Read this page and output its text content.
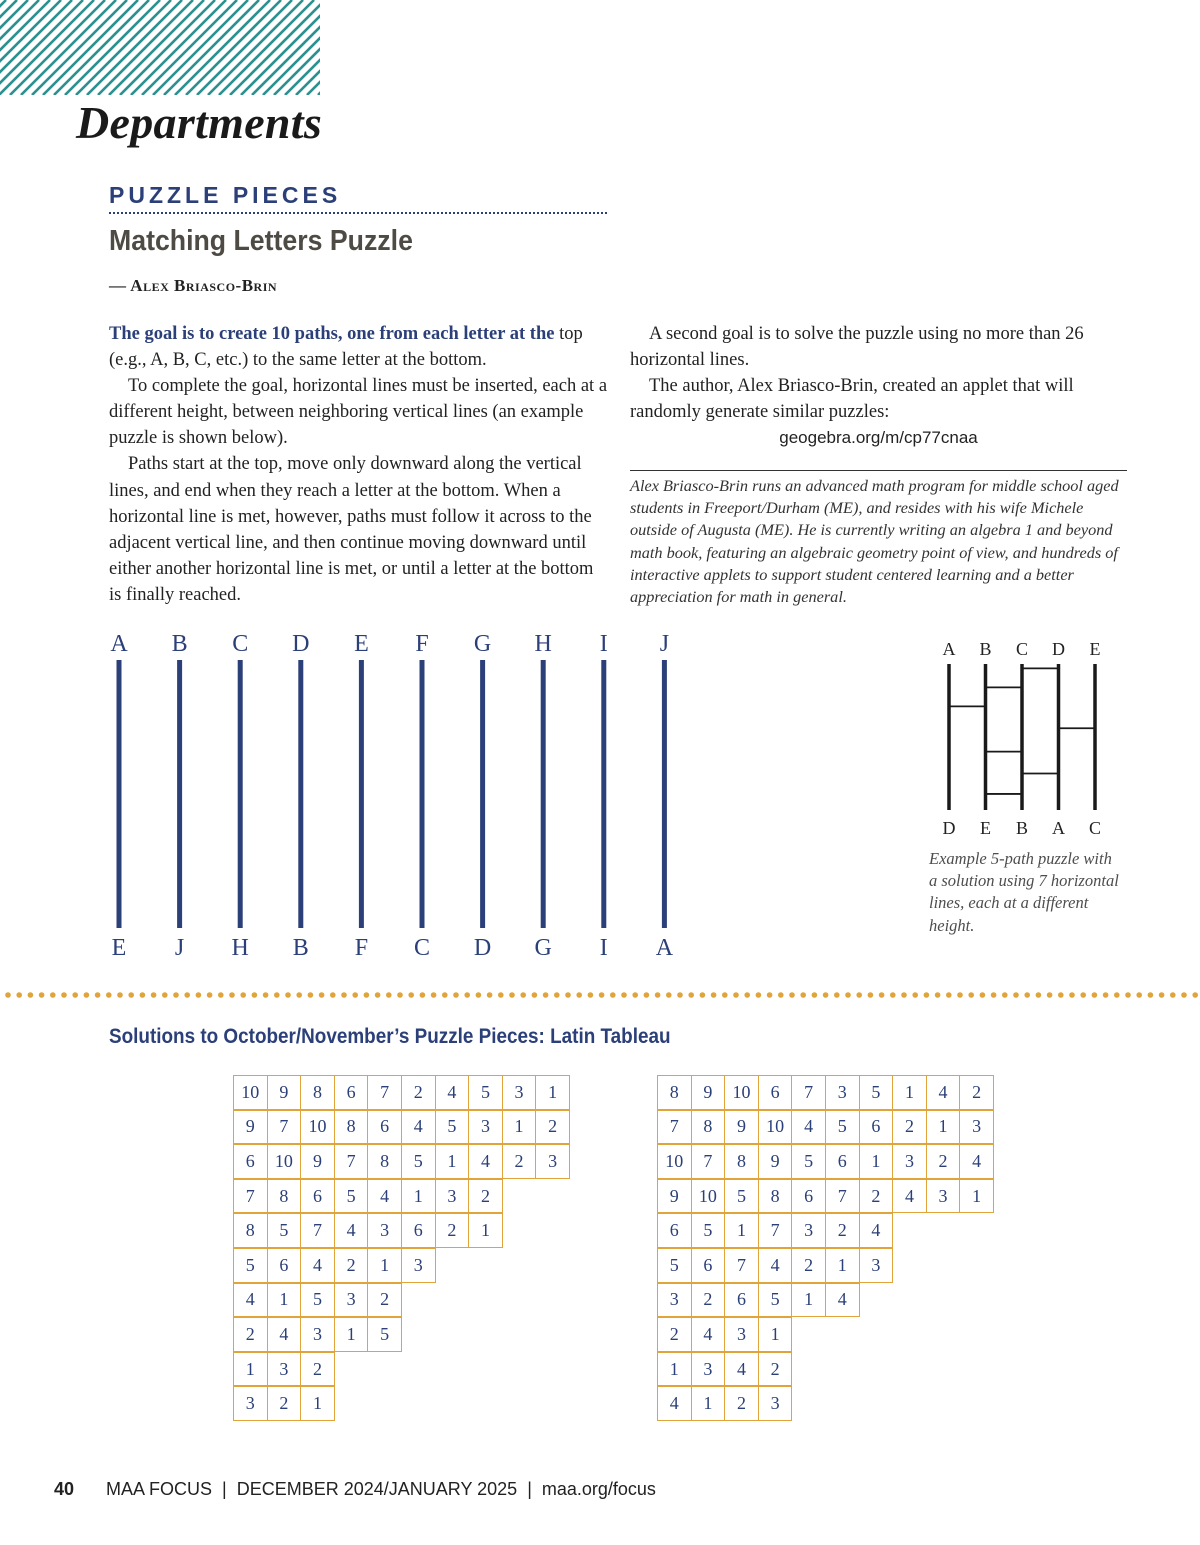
Departments
PUZZLE PIECES
Matching Letters Puzzle
— Alex Briasco-Brin

The goal is to create 10 paths, one from each letter at the top (e.g., A, B, C, etc.) to the same letter at the bottom.

To complete the goal, horizontal lines must be inserted, each at a different height, between neighboring vertical lines (an example puzzle is shown below).

Paths start at the top, move only downward along the vertical lines, and end when they reach a letter at the bottom. When a horizontal line is met, however, paths must follow it across to the adjacent vertical line, and then continue moving downward until either another horizontal line is met, or until a letter at the bottom is finally reached.

A second goal is to solve the puzzle using no more than 26 horizontal lines.

The author, Alex Briasco-Brin, created an applet that will randomly generate similar puzzles:

geogebra.org/m/cp77cnaa

Alex Briasco-Brin runs an advanced math program for middle school aged students in Freeport/Durham (ME), and resides with his wife Michele outside of Augusta (ME). He is currently writing an algebra 1 and beyond math book, featuring an algebraic geometry point of view, and hundreds of interactive applets to support student centered learning and a better appreciation for math in general.
A B C D E F G H I J
E J H B F C D G I A
A B C D E
D E B A C
Example 5-path puzzle with a solution using 7 horizontal lines, each at a different height.
Solutions to October/November’s Puzzle Pieces: Latin Tableau
10	9	8	6	7	2	4	5	3	1
9	7	10	8	6	4	5	3	1	2
6	10	9	7	8	5	1	4	2	3
7	8	6	5	4	1	3	2
8	5	7	4	3	6	2	1
5	6	4	2	1	3
4	1	5	3	2
2	4	3	1	5
1	3	2
3	2	1
8	9	10	6	7	3	5	1	4	2
7	8	9	10	4	5	6	2	1	3
10	7	8	9	5	6	1	3	2	4
9	10	5	8	6	7	2	4	3	1
6	5	1	7	3	2	4
5	6	7	4	2	1	3
3	2	6	5	1	4
2	4	3	1
1	3	4	2
4	1	2	3
40 MAA FOCUS  |  DECEMBER 2024/JANUARY 2025  |  maa.org/focus
